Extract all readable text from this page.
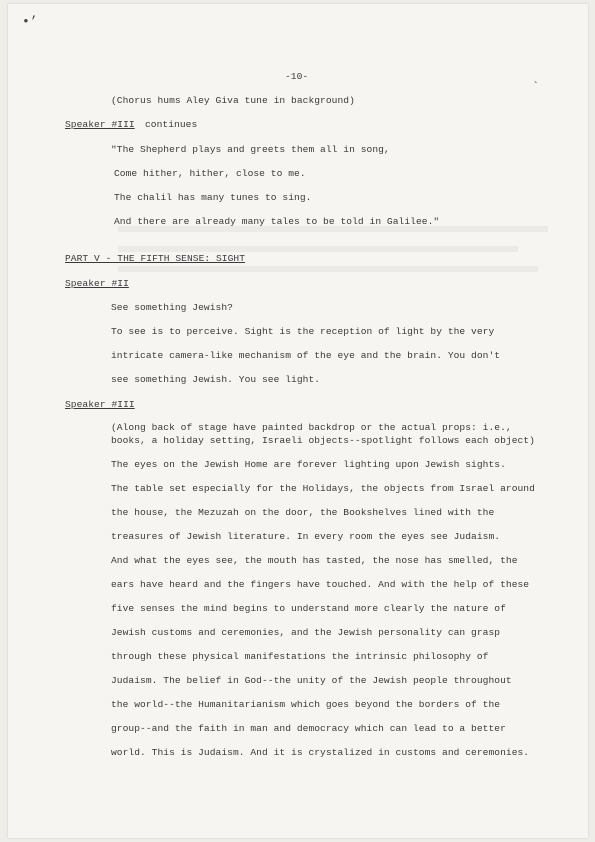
•’
`
-10-
(Chorus hums Aley Giva tune in background)
Speaker #III continues
"The Shepherd plays and greets them all in song,
Come hither, hither, close to me.
The chalil has many tunes to sing.
And there are already many tales to be told in Galilee."
PART V - THE FIFTH SENSE: SIGHT
Speaker #II
See something Jewish?
To see is to perceive. Sight is the reception of light by the very
intricate camera-like mechanism of the eye and the brain. You don't
see something Jewish. You see light.
Speaker #III
(Along back of stage have painted backdrop or the actual props: i.e.,
books, a holiday setting, Israeli objects--spotlight follows each object)
The eyes on the Jewish Home are forever lighting upon Jewish sights.
The table set especially for the Holidays, the objects from Israel around
the house, the Mezuzah on the door, the Bookshelves lined with the
treasures of Jewish literature. In every room the eyes see Judaism.
And what the eyes see, the mouth has tasted, the nose has smelled, the
ears have heard and the fingers have touched. And with the help of these
five senses the mind begins to understand more clearly the nature of
Jewish customs and ceremonies, and the Jewish personality can grasp
through these physical manifestations the intrinsic philosophy of
Judaism. The belief in God--the unity of the Jewish people throughout
the world--the Humanitarianism which goes beyond the borders of the
group--and the faith in man and democracy which can lead to a better
world. This is Judaism. And it is crystalized in customs and ceremonies.
